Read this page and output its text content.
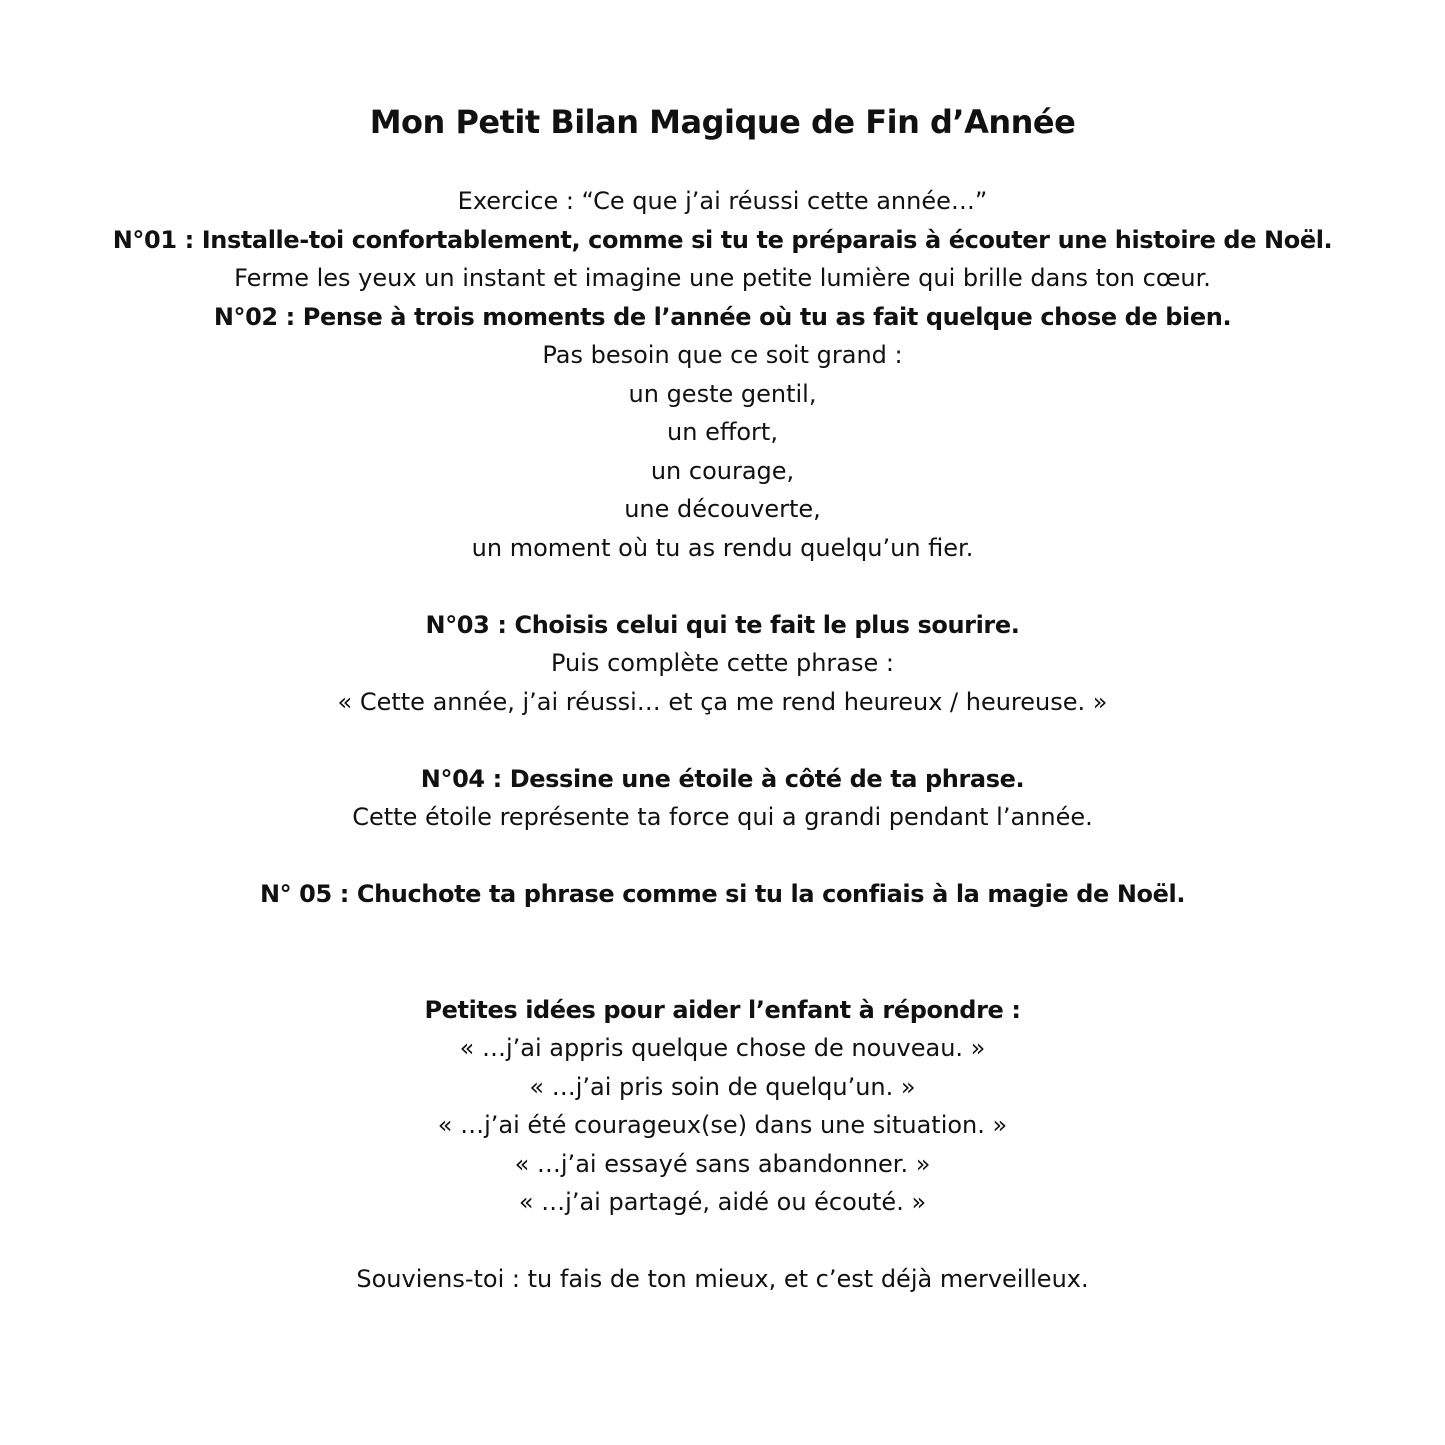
Mon Petit Bilan Magique de Fin d’Année

Exercice : “Ce que j’ai réussi cette année…”

N°01 : Installe-toi confortablement, comme si tu te préparais à écouter une histoire de Noël.

Ferme les yeux un instant et imagine une petite lumière qui brille dans ton cœur.

N°02 : Pense à trois moments de l’année où tu as fait quelque chose de bien.

Pas besoin que ce soit grand :

un geste gentil,

un effort,

un courage,

une découverte,

un moment où tu as rendu quelqu’un fier.

N°03 : Choisis celui qui te fait le plus sourire.

Puis complète cette phrase :

« Cette année, j’ai réussi… et ça me rend heureux / heureuse. »

N°04 : Dessine une étoile à côté de ta phrase.

Cette étoile représente ta force qui a grandi pendant l’année.

N° 05 : Chuchote ta phrase comme si tu la confiais à la magie de Noël.

Petites idées pour aider l’enfant à répondre :

« …j’ai appris quelque chose de nouveau. »

« …j’ai pris soin de quelqu’un. »

« …j’ai été courageux(se) dans une situation. »

« …j’ai essayé sans abandonner. »

« …j’ai partagé, aidé ou écouté. »

Souviens-toi : tu fais de ton mieux, et c’est déjà merveilleux.
